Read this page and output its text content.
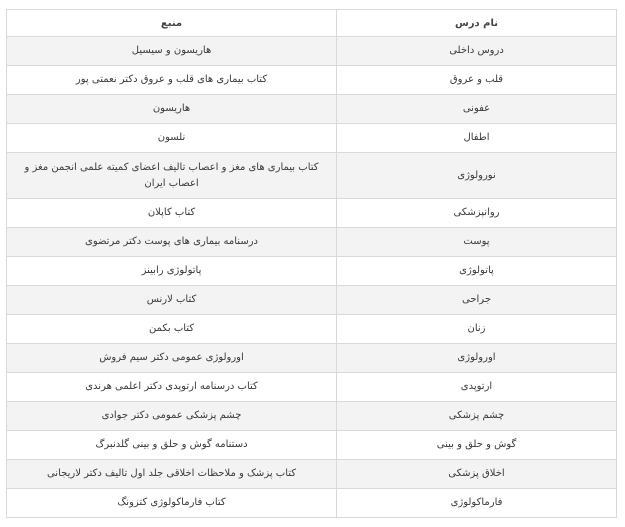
نام درس	منبع
دروس داخلی	هاریسون و سیسیل
قلب و عروق	کتاب بیماری های قلب و عروق دکتر نعمتی پور
عفونی	هاریسون
اطفال	نلسون
نورولوژی	کتاب بیماری های مغز و اعصاب تالیف اعضای کمیته علمی انجمن مغز و اعصاب ایران
روانپزشکی	کتاب کاپلان
پوست	درسنامه بیماری های پوست دکتر مرتضوی
پاتولوژی	پاتولوژی رابینز
جراحی	کتاب لارنس
زنان	کتاب بکمن
اورولوژی	اورولوژی عمومی دکتر سیم فروش
ارتوپدی	کتاب درسنامه ارتوپدی دکتر اعلمی هرندی
چشم پزشکی	چشم پزشکی عمومی دکتر جوادی
گوش و حلق و بینی	دستنامه گوش و حلق و بینی گلدنبرگ
اخلاق پزشکی	کتاب پزشک و ملاحظات اخلاقی جلد اول تالیف دکتر لاریجانی
فارماکولوژی	کتاب فارماکولوژی کتزونگ
